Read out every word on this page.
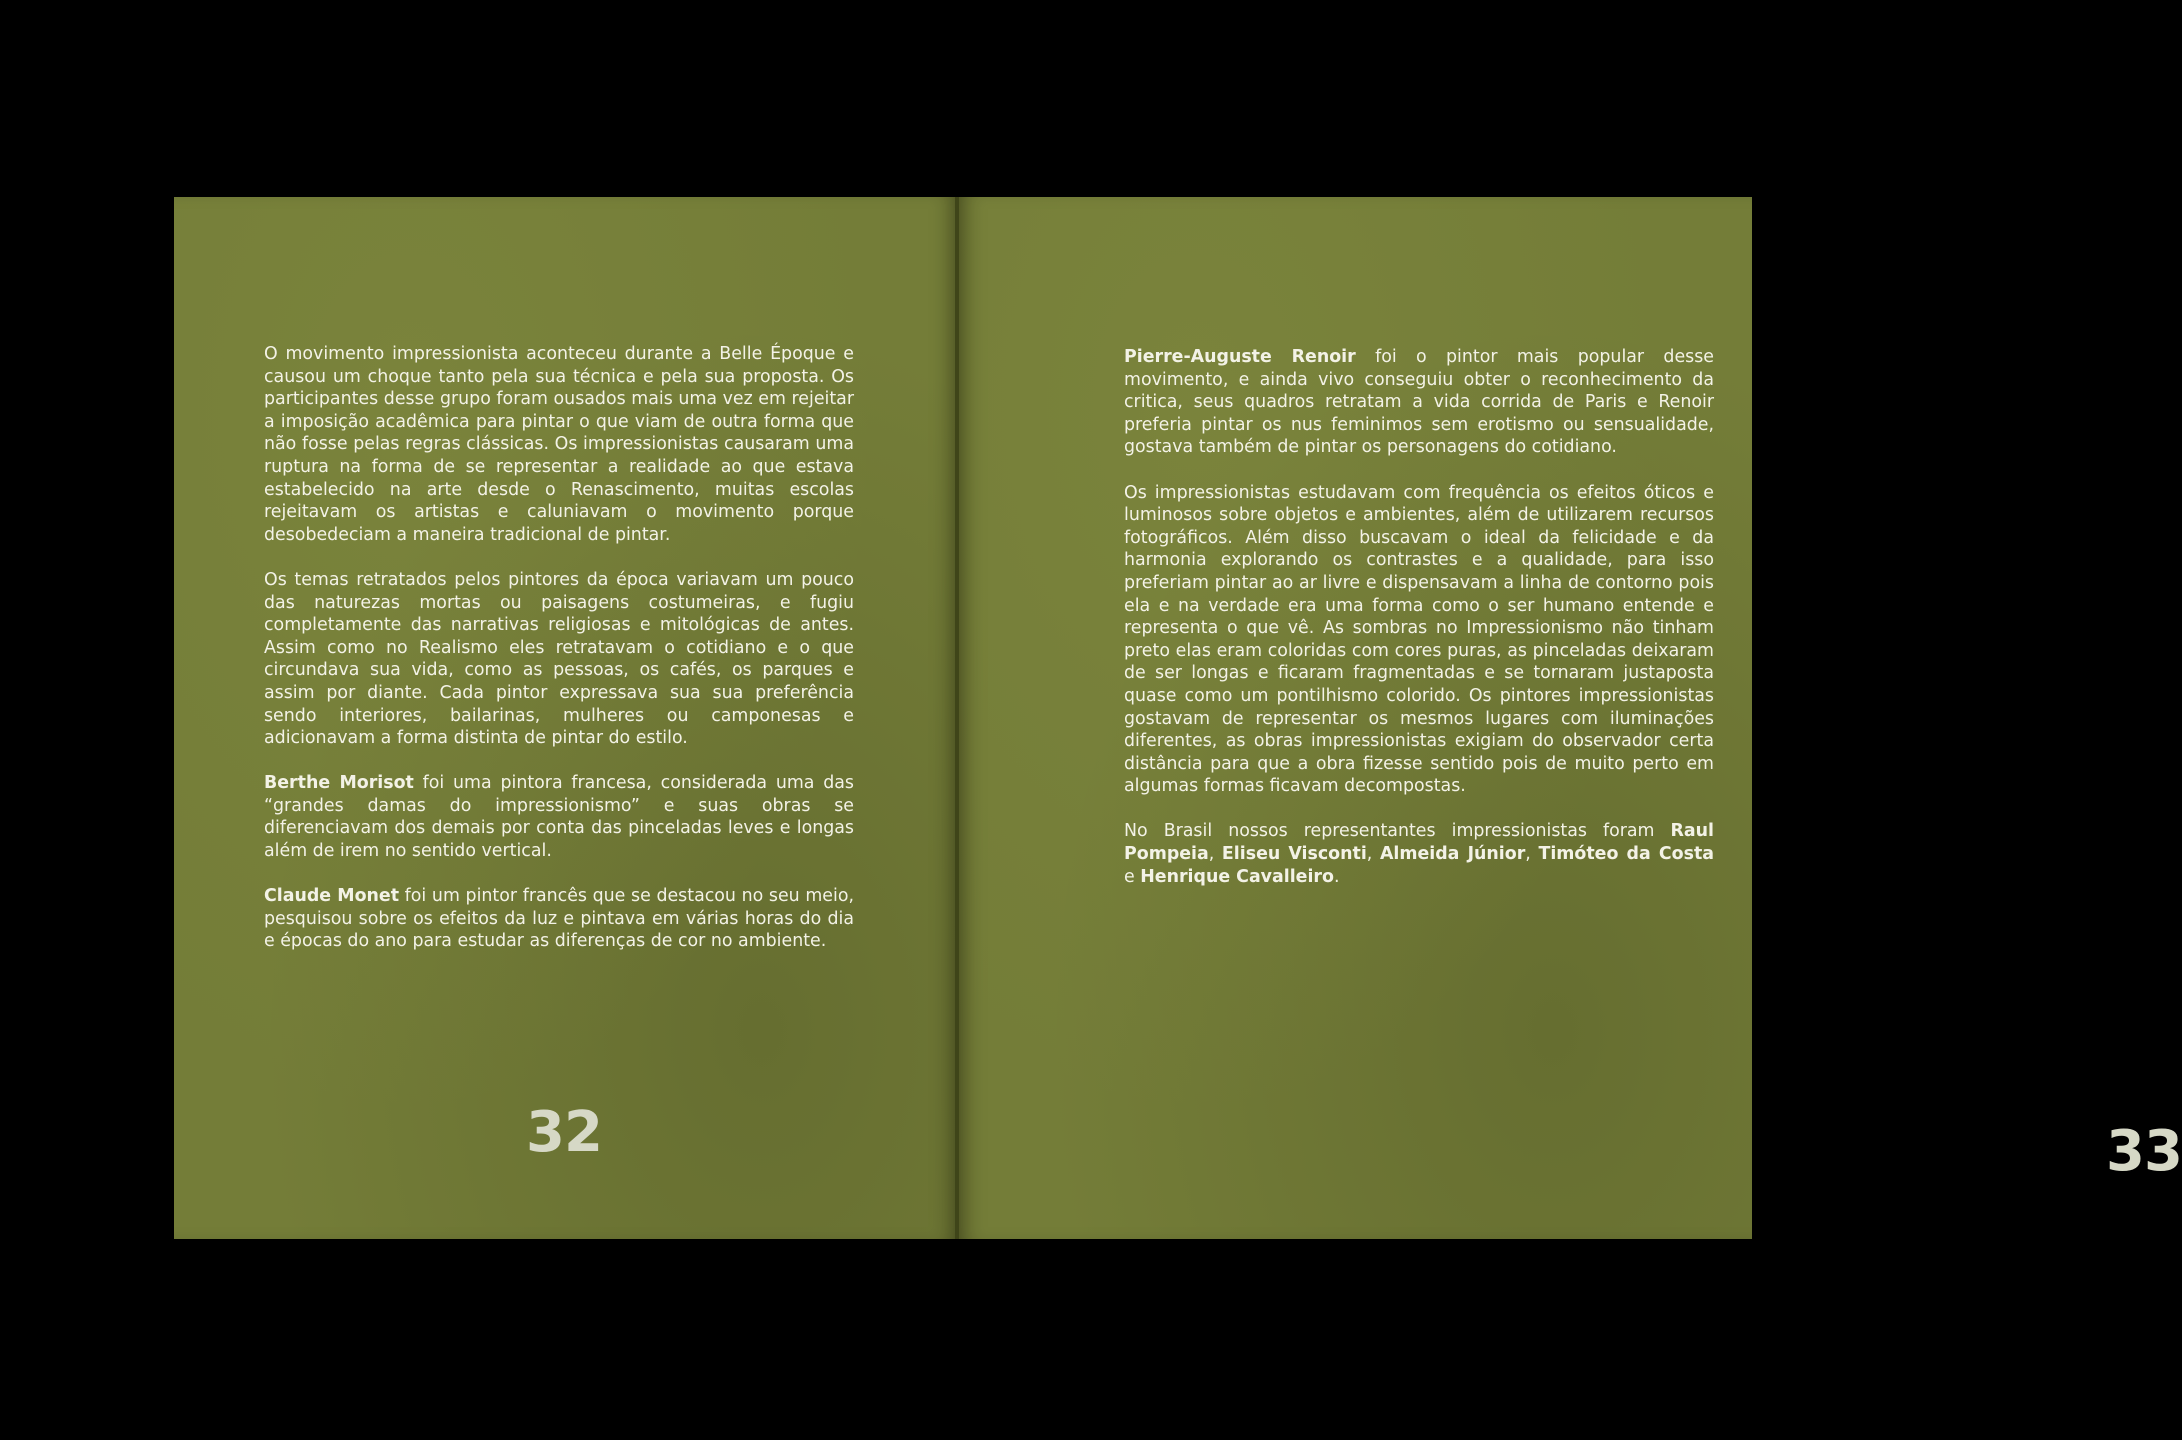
O movimento impressionista aconteceu durante a Belle Époque e causou um choque tanto pela sua técnica e pela sua proposta. Os participantes desse grupo foram ousados mais uma vez em rejeitar a imposição acadêmica para pintar o que viam de outra forma que não fosse pelas regras clássicas. Os impressionistas causaram uma ruptura na forma de se representar a realidade ao que estava estabelecido na arte desde o Renascimento, muitas escolas rejeitavam os artistas e caluniavam o movimento porque desobedeciam a maneira tradicional de pintar.

Os temas retratados pelos pintores da época variavam um pouco das naturezas mortas ou paisagens costumeiras, e fugiu completamente das narrativas religiosas e mitológicas de antes. Assim como no Realismo eles retratavam o cotidiano e o que circundava sua vida, como as pessoas, os cafés, os parques e assim por diante. Cada pintor expressava sua sua preferência sendo interiores, bailarinas, mulheres ou camponesas e adicionavam a forma distinta de pintar do estilo.

Berthe Morisot foi uma pintora francesa, considerada uma das “grandes damas do impressionismo” e suas obras se diferenciavam dos demais por conta das pinceladas leves e longas além de irem no sentido vertical.

Claude Monet foi um pintor francês que se destacou no seu meio, pesquisou sobre os efeitos da luz e pintava em várias horas do dia e épocas do ano para estudar as diferenças de cor no ambiente.

32

Pierre-Auguste Renoir foi o pintor mais popular desse movimento, e ainda vivo conseguiu obter o reconhecimento da critica, seus quadros retratam a vida corrida de Paris e Renoir preferia pintar os nus feminimos sem erotismo ou sensualidade, gostava também de pintar os personagens do cotidiano.

Os impressionistas estudavam com frequência os efeitos óticos e luminosos sobre objetos e ambientes, além de utilizarem recursos fotográficos. Além disso buscavam o ideal da felicidade e da harmonia explorando os contrastes e a qualidade, para isso preferiam pintar ao ar livre e dispensavam a linha de contorno pois ela e na verdade era uma forma como o ser humano entende e representa o que vê. As sombras no Impressionismo não tinham preto elas eram coloridas com cores puras, as pinceladas deixaram de ser longas e ficaram fragmentadas e se tornaram justaposta quase como um pontilhismo colorido. Os pintores impressionistas gostavam de representar os mesmos lugares com iluminações diferentes, as obras impressionistas exigiam do observador certa distância para que a obra fizesse sentido pois de muito perto em algumas formas ficavam decompostas.

No Brasil nossos representantes impressionistas foram Raul Pompeia, Eliseu Visconti, Almeida Júnior, Timóteo da Costa e Henrique Cavalleiro.

33
